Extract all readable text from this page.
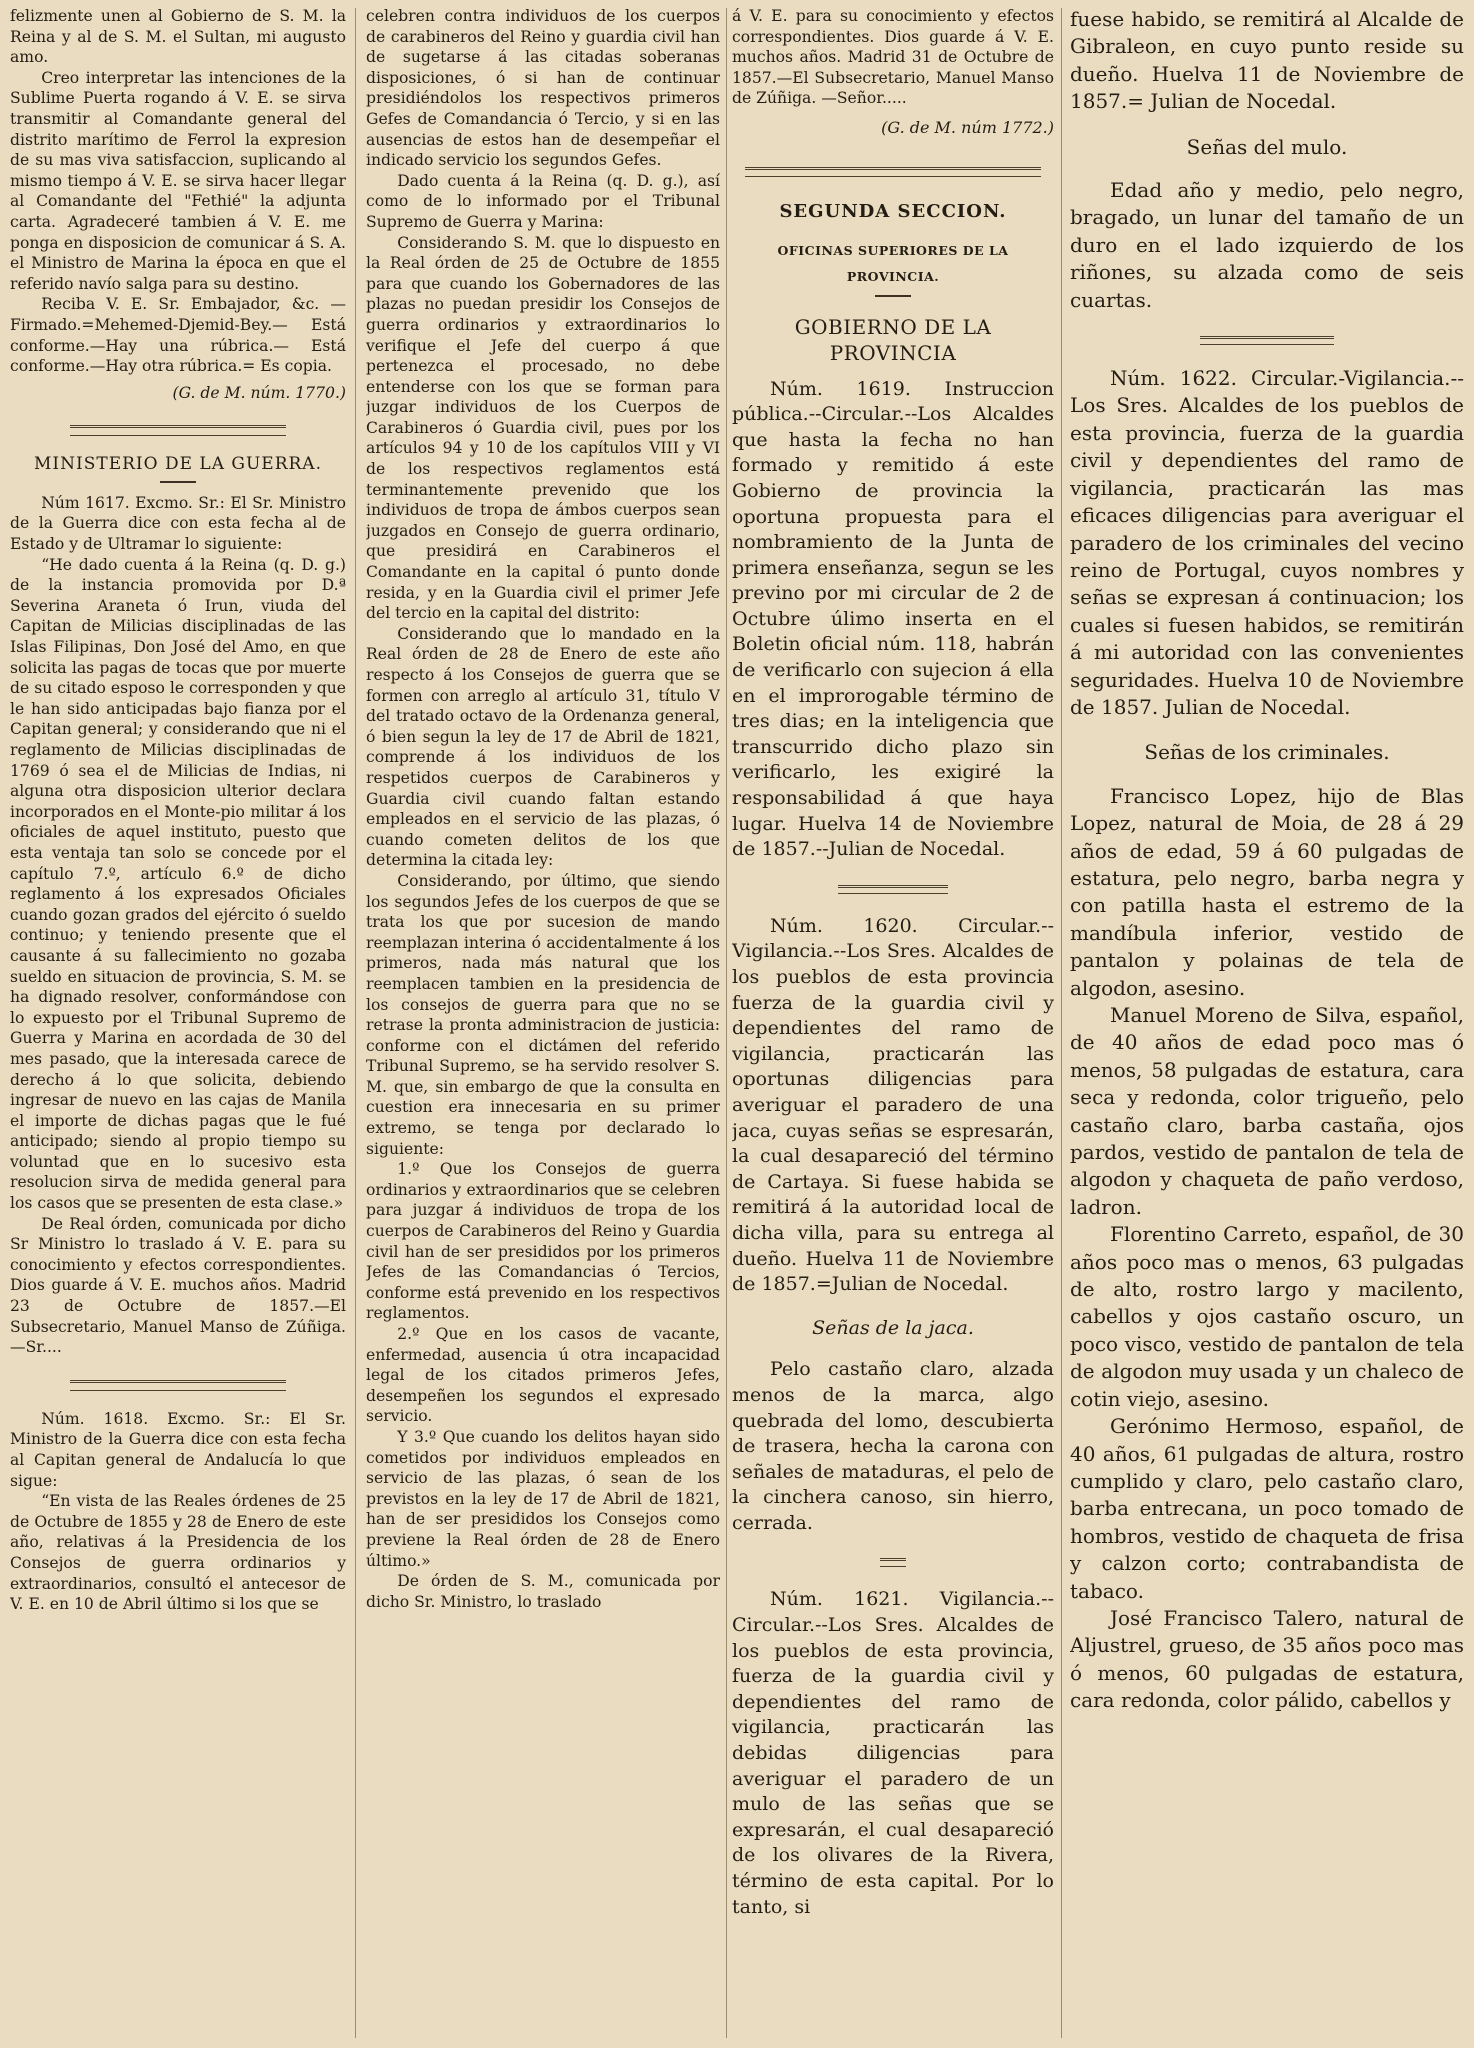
felizmente unen al Gobierno de S. M. la Reina y al de S. M. el Sultan, mi augusto amo.

Creo interpretar las intenciones de la Sublime Puerta rogando á V. E. se sirva transmitir al Comandante general del distrito marítimo de Ferrol la expresion de su mas viva satisfaccion, suplicando al mismo tiempo á V. E. se sirva hacer llegar al Comandante del "Fethié" la adjunta carta. Agradeceré tambien á V. E. me ponga en disposicion de comunicar á S. A. el Ministro de Marina la época en que el referido navío salga para su destino.

Reciba V. E. Sr. Embajador, &c. —Firmado.=Mehemed-Djemid-Bey.— Está conforme.—Hay una rúbrica.— Está conforme.—Hay otra rúbrica.= Es copia.

(G. de M. núm. 1770.)

MINISTERIO DE LA GUERRA.

Núm 1617. Excmo. Sr.: El Sr. Ministro de la Guerra dice con esta fecha al de Estado y de Ultramar lo siguiente:

“He dado cuenta á la Reina (q. D. g.) de la instancia promovida por D.ª Severina Araneta ó Irun, viuda del Capitan de Milicias disciplinadas de las Islas Filipinas, Don José del Amo, en que solicita las pagas de tocas que por muerte de su citado esposo le corresponden y que le han sido anticipadas bajo fianza por el Capitan general; y considerando que ni el reglamento de Milicias disciplinadas de 1769 ó sea el de Milicias de Indias, ni alguna otra disposicion ulterior declara incorporados en el Monte-pio militar á los oficiales de aquel instituto, puesto que esta ventaja tan solo se concede por el capítulo 7.º, artículo 6.º de dicho reglamento á los expresados Oficiales cuando gozan grados del ejército ó sueldo continuo; y teniendo presente que el causante á su fallecimiento no gozaba sueldo en situacion de provincia, S. M. se ha dignado resolver, conformándose con lo expuesto por el Tribunal Supremo de Guerra y Marina en acordada de 30 del mes pasado, que la interesada carece de derecho á lo que solicita, debiendo ingresar de nuevo en las cajas de Manila el importe de dichas pagas que le fué anticipado; siendo al propio tiempo su voluntad que en lo sucesivo esta resolucion sirva de medida general para los casos que se presenten de esta clase.»

De Real órden, comunicada por dicho Sr Ministro lo traslado á V. E. para su conocimiento y efectos correspondientes. Dios guarde á V. E. muchos años. Madrid 23 de Octubre de 1857.—El Subsecretario, Manuel Manso de Zúñiga.—Sr....

Núm. 1618. Excmo. Sr.: El Sr. Ministro de la Guerra dice con esta fecha al Capitan general de Andalucía lo que sigue:

“En vista de las Reales órdenes de 25 de Octubre de 1855 y 28 de Enero de este año, relativas á la Presidencia de los Consejos de guerra ordinarios y extraordinarios, consultó el antecesor de V. E. en 10 de Abril último si los que se

celebren contra individuos de los cuerpos de carabineros del Reino y guardia civil han de sugetarse á las citadas soberanas disposiciones, ó si han de continuar presidiéndolos los respectivos primeros Gefes de Comandancia ó Tercio, y si en las ausencias de estos han de desempeñar el indicado servicio los segundos Gefes.

Dado cuenta á la Reina (q. D. g.), así como de lo informado por el Tribunal Supremo de Guerra y Marina:

Considerando S. M. que lo dispuesto en la Real órden de 25 de Octubre de 1855 para que cuando los Gobernadores de las plazas no puedan presidir los Consejos de guerra ordinarios y extraordinarios lo verifique el Jefe del cuerpo á que pertenezca el procesado, no debe entenderse con los que se forman para juzgar individuos de los Cuerpos de Carabineros ó Guardia civil, pues por los artículos 94 y 10 de los capítulos VIII y VI de los respectivos reglamentos está terminantemente prevenido que los individuos de tropa de ámbos cuerpos sean juzgados en Consejo de guerra ordinario, que presidirá en Carabineros el Comandante en la capital ó punto donde resida, y en la Guardia civil el primer Jefe del tercio en la capital del distrito:

Considerando que lo mandado en la Real órden de 28 de Enero de este año respecto á los Consejos de guerra que se formen con arreglo al artículo 31, título V del tratado octavo de la Ordenanza general, ó bien segun la ley de 17 de Abril de 1821, comprende á los individuos de los respetidos cuerpos de Carabineros y Guardia civil cuando faltan estando empleados en el servicio de las plazas, ó cuando cometen delitos de los que determina la citada ley:

Considerando, por último, que siendo los segundos Jefes de los cuerpos de que se trata los que por sucesion de mando reemplazan interina ó accidentalmente á los primeros, nada más natural que los reemplacen tambien en la presidencia de los consejos de guerra para que no se retrase la pronta administracion de justicia: conforme con el dictámen del referido Tribunal Supremo, se ha servido resolver S. M. que, sin embargo de que la consulta en cuestion era innecesaria en su primer extremo, se tenga por declarado lo siguiente:

1.º Que los Consejos de guerra ordinarios y extraordinarios que se celebren para juzgar á individuos de tropa de los cuerpos de Carabineros del Reino y Guardia civil han de ser presididos por los primeros Jefes de las Comandancias ó Tercios, conforme está prevenido en los respectivos reglamentos.

2.º Que en los casos de vacante, enfermedad, ausencia ú otra incapacidad legal de los citados primeros Jefes, desempeñen los segundos el expresado servicio.

Y 3.º Que cuando los delitos hayan sido cometidos por individuos empleados en servicio de las plazas, ó sean de los previstos en la ley de 17 de Abril de 1821, han de ser presididos los Consejos como previene la Real órden de 28 de Enero último.»

De órden de S. M., comunicada por dicho Sr. Ministro, lo traslado

á V. E. para su conocimiento y efectos correspondientes. Dios guarde á V. E. muchos años. Madrid 31 de Octubre de 1857.—El Subsecretario, Manuel Manso de Zúñiga. —Señor.....

(G. de M. núm 1772.)

SEGUNDA SECCION.

OFICINAS SUPERIORES DE LA PROVINCIA.

GOBIERNO DE LA PROVINCIA

Núm. 1619. Instruccion pública.--Circular.--Los Alcaldes que hasta la fecha no han formado y remitido á este Gobierno de provincia la oportuna propuesta para el nombramiento de la Junta de primera enseñanza, segun se les previno por mi circular de 2 de Octubre úlimo inserta en el Boletin oficial núm. 118, habrán de verificarlo con sujecion á ella en el improrogable término de tres dias; en la inteligencia que transcurrido dicho plazo sin verificarlo, les exigiré la responsabilidad á que haya lugar. Huelva 14 de Noviembre de 1857.--Julian de Nocedal.

Núm. 1620. Circular.--Vigilancia.--Los Sres. Alcaldes de los pueblos de esta provincia fuerza de la guardia civil y dependientes del ramo de vigilancia, practicarán las oportunas diligencias para averiguar el paradero de una jaca, cuyas señas se espresarán, la cual desapareció del término de Cartaya. Si fuese habida se remitirá á la autoridad local de dicha villa, para su entrega al dueño. Huelva 11 de Noviembre de 1857.=Julian de Nocedal.

Señas de la jaca.

Pelo castaño claro, alzada menos de la marca, algo quebrada del lomo, descubierta de trasera, hecha la carona con señales de mataduras, el pelo de la cinchera canoso, sin hierro, cerrada.

Núm. 1621. Vigilancia.--Circular.--Los Sres. Alcaldes de los pueblos de esta provincia, fuerza de la guardia civil y dependientes del ramo de vigilancia, practicarán las debidas diligencias para averiguar el paradero de un mulo de las señas que se expresarán, el cual desapareció de los olivares de la Rivera, término de esta capital. Por lo tanto, si

fuese habido, se remitirá al Alcalde de Gibraleon, en cuyo punto reside su dueño. Huelva 11 de Noviembre de 1857.= Julian de Nocedal.

Señas del mulo.

Edad año y medio, pelo negro, bragado, un lunar del tamaño de un duro en el lado izquierdo de los riñones, su alzada como de seis cuartas.

Núm. 1622. Circular.-Vigilancia.--Los Sres. Alcaldes de los pueblos de esta provincia, fuerza de la guardia civil y dependientes del ramo de vigilancia, practicarán las mas eficaces diligencias para averiguar el paradero de los criminales del vecino reino de Portugal, cuyos nombres y señas se expresan á continuacion; los cuales si fuesen habidos, se remitirán á mi autoridad con las convenientes seguridades. Huelva 10 de Noviembre de 1857. Julian de Nocedal.

Señas de los criminales.

Francisco Lopez, hijo de Blas Lopez, natural de Moia, de 28 á 29 años de edad, 59 á 60 pulgadas de estatura, pelo negro, barba negra y con patilla hasta el estremo de la mandíbula inferior, vestido de pantalon y polainas de tela de algodon, asesino.

Manuel Moreno de Silva, español, de 40 años de edad poco mas ó menos, 58 pulgadas de estatura, cara seca y redonda, color trigueño, pelo castaño claro, barba castaña, ojos pardos, vestido de pantalon de tela de algodon y chaqueta de paño verdoso, ladron.

Florentino Carreto, español, de 30 años poco mas o menos, 63 pulgadas de alto, rostro largo y macilento, cabellos y ojos castaño oscuro, un poco visco, vestido de pantalon de tela de algodon muy usada y un chaleco de cotin viejo, asesino.

Gerónimo Hermoso, español, de 40 años, 61 pulgadas de altura, rostro cumplido y claro, pelo castaño claro, barba entrecana, un poco tomado de hombros, vestido de chaqueta de frisa y calzon corto; contrabandista de tabaco.

José Francisco Talero, natural de Aljustrel, grueso, de 35 años poco mas ó menos, 60 pulgadas de estatura, cara redonda, color pálido, cabellos y
